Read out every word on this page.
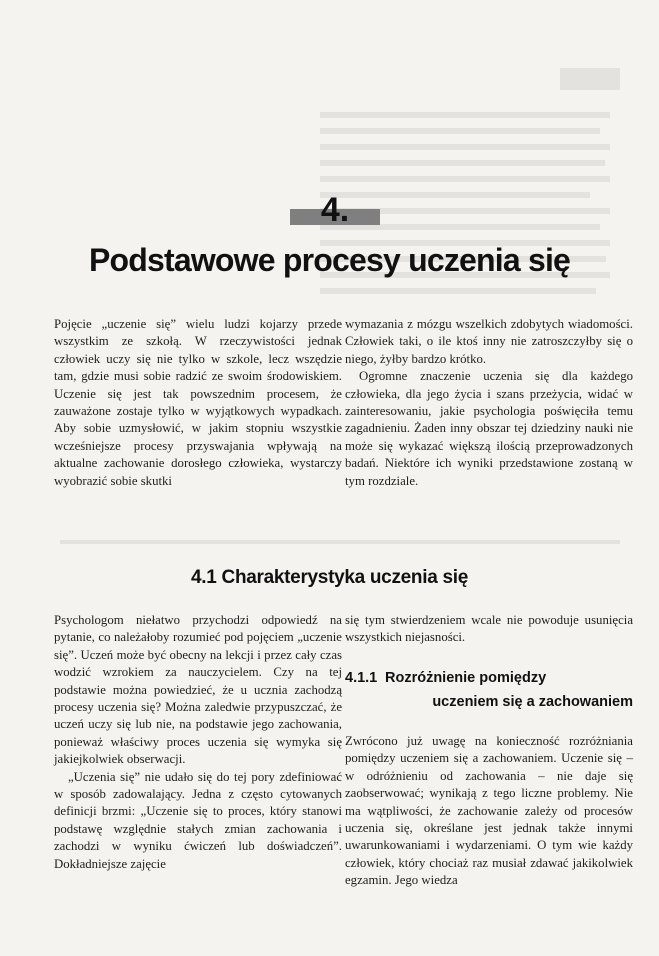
4.
Podstawowe procesy uczenia się

Pojęcie „uczenie się” wielu ludzi kojarzy przede wszystkim ze szkołą. W rzeczywistości jednak człowiek uczy się nie tylko w szkole, lecz wszędzie tam, gdzie musi sobie radzić ze swoim środowiskiem. Uczenie się jest tak powszednim procesem, że zauważone zostaje tylko w wyjątkowych wypadkach. Aby sobie uzmysłowić, w jakim stopniu wszystkie wcześniejsze procesy przyswajania wpływają na aktualne zachowanie dorosłego człowieka, wystarczy wyobrazić sobie skutki

wymazania z mózgu wszelkich zdobytych wiadomości. Człowiek taki, o ile ktoś inny nie zatroszczyłby się o niego, żyłby bardzo krótko.

Ogromne znaczenie uczenia się dla każdego człowieka, dla jego życia i szans przeżycia, widać w zainteresowaniu, jakie psychologia poświęciła temu zagadnieniu. Żaden inny obszar tej dziedziny nauki nie może się wykazać większą ilością przeprowadzonych badań. Niektóre ich wyniki przedstawione zostaną w tym rozdziale.

4.1 Charakterystyka uczenia się

Psychologom niełatwo przychodzi odpowiedź na pytanie, co należałoby rozumieć pod pojęciem „uczenie się”. Uczeń może być obecny na lekcji i przez cały czas wodzić wzrokiem za nauczycielem. Czy na tej podstawie można powiedzieć, że u ucznia zachodzą procesy uczenia się? Można zaledwie przypuszczać, że uczeń uczy się lub nie, na podstawie jego zachowania, ponieważ właściwy proces uczenia się wymyka się jakiejkolwiek obserwacji.

„Uczenia się” nie udało się do tej pory zdefiniować w sposób zadowalający. Jedna z często cytowanych definicji brzmi: „Uczenie się to proces, który stanowi podstawę względnie stałych zmian zachowania i zachodzi w wyniku ćwiczeń lub doświadczeń”. Dokładniejsze zajęcie

się tym stwierdzeniem wcale nie powoduje usunięcia wszystkich niejasności.

4.1.1 Rozróżnienie pomiędzy
uczeniem się a zachowaniem

Zwrócono już uwagę na konieczność rozróżniania pomiędzy uczeniem się a zachowaniem. Uczenie się – w odróżnieniu od zachowania – nie daje się zaobserwować; wynikają z tego liczne problemy. Nie ma wątpliwości, że zachowanie zależy od procesów uczenia się, określane jest jednak także innymi uwarunkowaniami i wydarzeniami. O tym wie każdy człowiek, który chociaż raz musiał zdawać jakikolwiek egzamin. Jego wiedza
